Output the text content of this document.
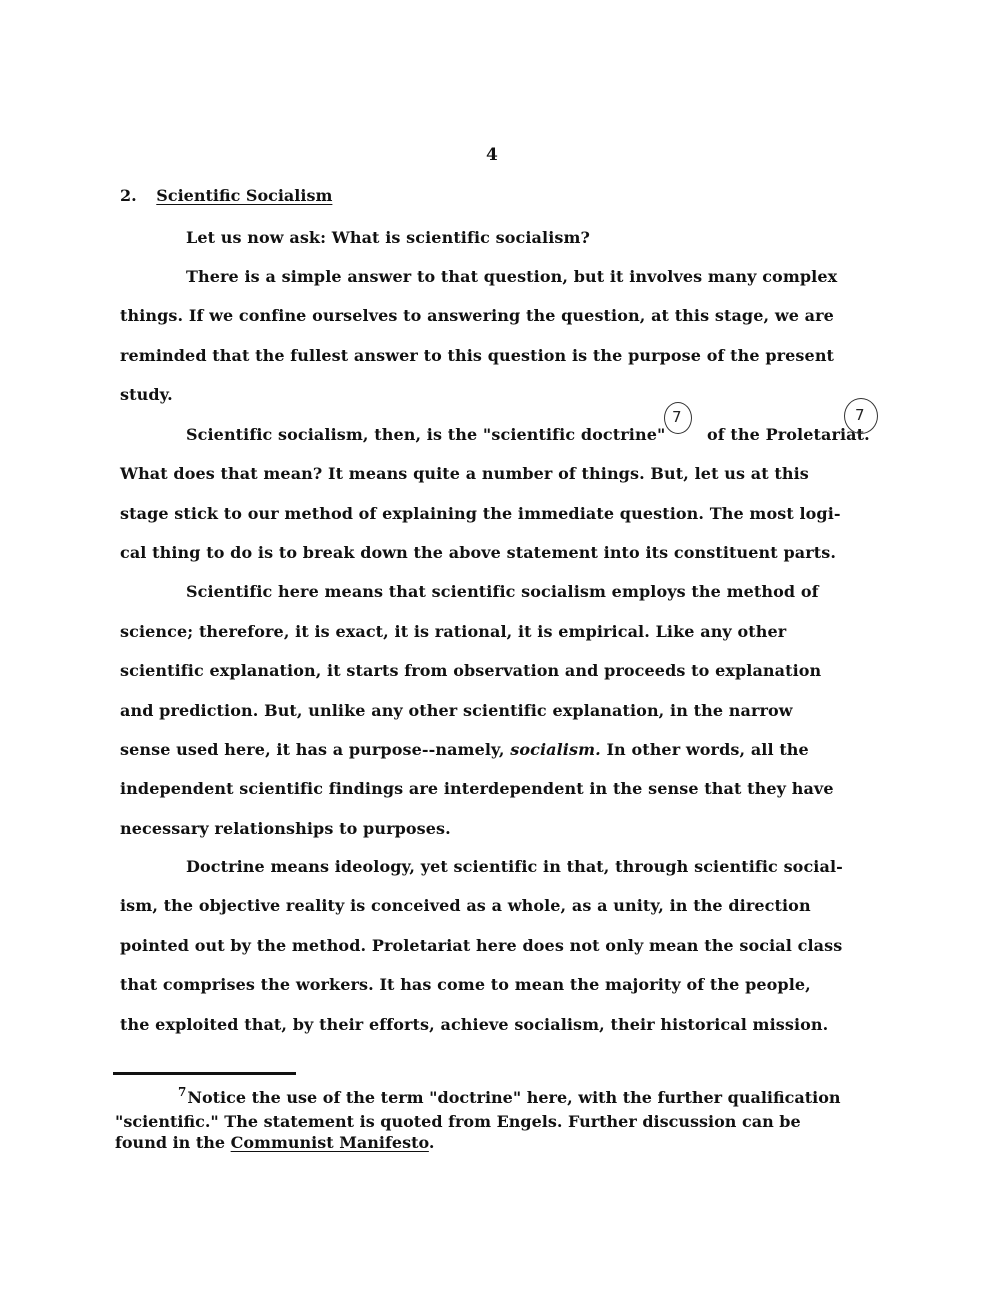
4
2. Scientific Socialism
Let us now ask: What is scientific socialism?
There is a simple answer to that question, but it involves many complex
things. If we confine ourselves to answering the question, at this stage, we are
reminded that the fullest answer to this question is the purpose of the present
study.
Scientific socialism, then, is the "scientific doctrine"	of the Proletariat.
7	7
What does that mean? It means quite a number of things. But, let us at this
stage stick to our method of explaining the immediate question. The most logi-
cal thing to do is to break down the above statement into its constituent parts.
Scientific here means that scientific socialism employs the method of
science; therefore, it is exact, it is rational, it is empirical. Like any other
scientific explanation, it starts from observation and proceeds to explanation
and prediction. But, unlike any other scientific explanation, in the narrow
sense used here, it has a purpose--namely, socialism. In other words, all the
independent scientific findings are interdependent in the sense that they have
necessary relationships to purposes.
Doctrine means ideology, yet scientific in that, through scientific social-
ism, the objective reality is conceived as a whole, as a unity, in the direction
pointed out by the method. Proletariat here does not only mean the social class
that comprises the workers. It has come to mean the majority of the people,
the exploited that, by their efforts, achieve socialism, their historical mission.
$^7$Notice the use of the term "doctrine" here, with the further qualification
"scientific." The statement is quoted from Engels. Further discussion can be
found in the Communist Manifesto.
